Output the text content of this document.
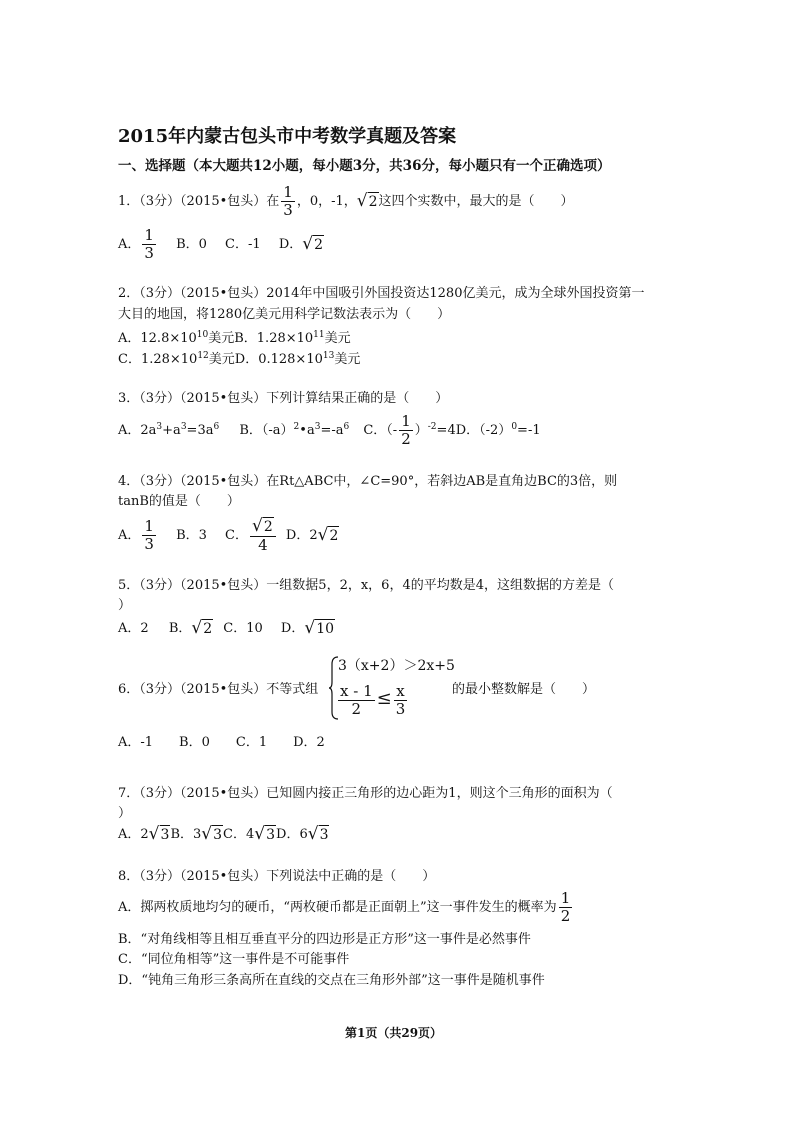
2015年内蒙古包头市中考数学真题及答案
一、选择题（本大题共12小题，每小题3分，共36分，每小题只有一个正确选项）
1．（3分）（2015•包头）在 $\frac{1}{3}$ ，0，-1，√2这四个实数中，最大的是（　　）
A． $\frac{1}{3}$ B．0 C．-1 D．√2
2．（3分）（2015•包头）2014年中国吸引外国投资达1280亿美元，成为全球外国投资第一
大目的地国，将1280亿美元用科学记数法表示为（　　）
A．$12.8\times 10^{10}$美元B．$1.28\times 10^{11}$美元
C．$1.28\times 10^{12}$美元D．$0.128\times 10^{13}$美元
3．（3分）（2015•包头）下列计算结果正确的是（　　）
A．$2a^3+a^3=3a^6$ B．$(-a)^2•a^3=-a^6$ C．（- $\frac{1}{2} )^{-2}=4D$．$(-2)^0=-1$
4．（3分）（2015•包头）在Rt△ABC中，∠C=90°，若斜边AB是直角边BC的3倍，则
tanB的值是（　　）
A． $\frac{1}{3}$ B．3 C． $\frac{√2}{4}$ D．2√2
5．（3分）（2015•包头）一组数据5，2，x，6，4的平均数是4，这组数据的方差是（
）
A．2 B．√2 C．10 D．√10
6．（3分）（2015•包头）不等式组
3（x+2）＞2x+5
$\frac{x - 1}{2} \le \frac{x}{3}$	的最小整数解是（　　）
A．-1　　B．0　　C．1　　D．2
7．（3分）（2015•包头）已知圆内接正三角形的边心距为1，则这个三角形的面积为（
）
A．2√3B．3√3C．4√3D．6√3
8．（3分）（2015•包头）下列说法中正确的是（　　）
A．掷两枚质地均匀的硬币，“两枚硬币都是正面朝上”这一事件发生的概率为 $\frac{1}{2}$
B．“对角线相等且相互垂直平分的四边形是正方形”这一事件是必然事件
C．“同位角相等”这一事件是不可能事件
D．“钝角三角形三条高所在直线的交点在三角形外部”这一事件是随机事件
第1页（共29页）
